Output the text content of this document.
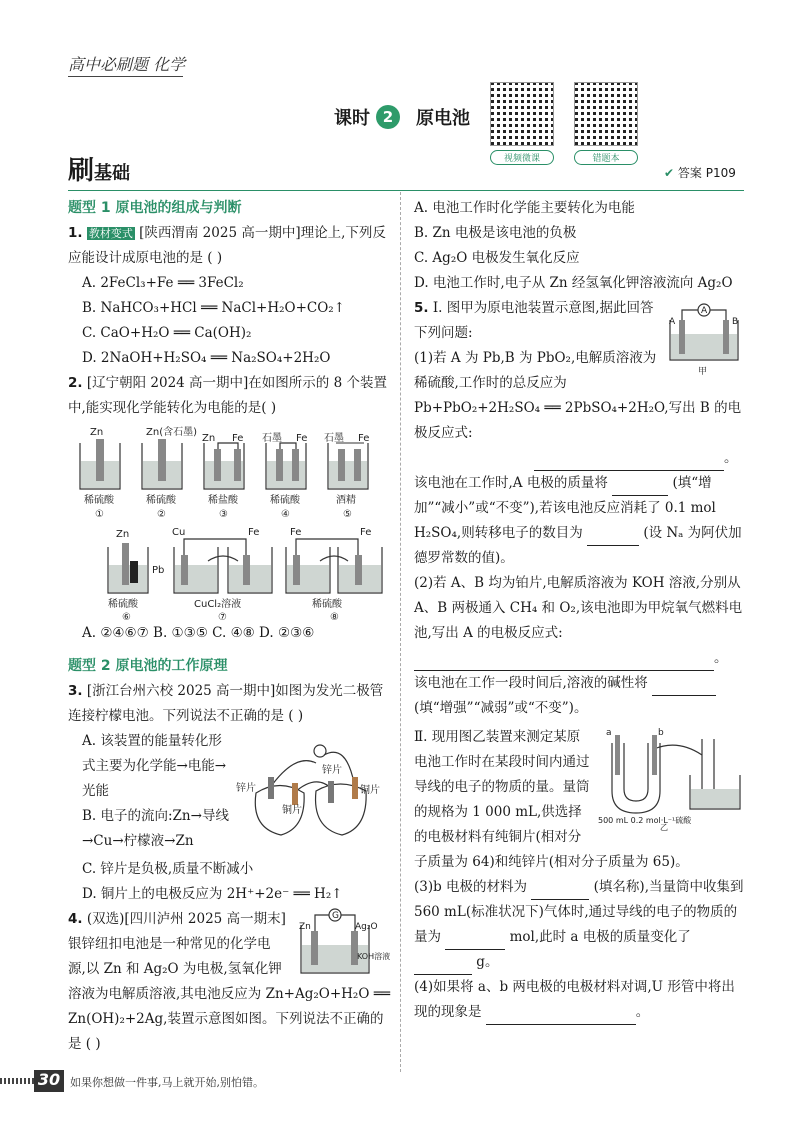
高中必刷题 化学
课时 2	原电池
视频微课	错题本
刷基础	✔ 答案 P109
题型 1 原电池的组成与判断
1. 教材变式 [陕西渭南 2025 高一期中]理论上,下列反应能设计成原电池的是 ( )
A. 2FeCl₃+Fe ══ 3FeCl₂
B. NaHCO₃+HCl ══ NaCl+H₂O+CO₂↑
C. CaO+H₂O ══ Ca(OH)₂
D. 2NaOH+H₂SO₄ ══ Na₂SO₄+2H₂O
2. [辽宁朝阳 2024 高一期中]在如图所示的 8 个装置中,能实现化学能转化为电能的是( )
Zn	Zn(含石墨)
Zn Fe 石墨 Fe 石墨 Fe
稀硫酸	稀硫酸	稀盐酸	稀硫酸	酒精
①	②	③	④	⑤
Zn
Pb
Cu	Fe	Fe	Fe
稀硫酸	CuCl₂溶液	稀硫酸
⑥	⑦	⑧
A. ②④⑥⑦ B. ①③⑤ C. ④⑧ D. ②③⑥
题型 2 原电池的工作原理
3. [浙江台州六校 2025 高一期中]如图为发光二极管连接柠檬电池。下列说法不正确的是 ( )
A. 该装置的能量转化形式主要为化学能→电能→光能
B. 电子的流向:Zn→导线→Cu→柠檬液→Zn
锌片
铜片
锌片
铜片
C. 锌片是负极,质量不断减小
D. 铜片上的电极反应为 2H⁺+2e⁻ ══ H₂↑
G
Zn	Ag₂O
KOH溶液
4. (双选)[四川泸州 2025 高一期末]银锌纽扣电池是一种常见的化学电源,以 Zn 和 Ag₂O 为电极,氢氧化钾溶液为电解质溶液,其电池反应为 Zn+Ag₂O+H₂O ══ Zn(OH)₂+2Ag,装置示意图如图。下列说法不正确的是 ( )
A. 电池工作时化学能主要转化为电能
B. Zn 电极是该电池的负极
C. Ag₂O 电极发生氧化反应
D. 电池工作时,电子从 Zn 经氢氧化钾溶液流向 Ag₂O
A
A	B
甲
5. Ⅰ. 图甲为原电池装置示意图,据此回答下列问题:
(1)若 A 为 Pb,B 为 PbO₂,电解质溶液为稀硫酸,工作时的总反应为 Pb+PbO₂+2H₂SO₄ ══ 2PbSO₄+2H₂O,写出 B 的电极反应式:
。
该电池在工作时,A 电极的质量将	(填“增加”“减小”或“不变”),若该电池反应消耗了 0.1 mol H₂SO₄,则转移电子的数目为	(设 Nₐ 为阿伏加德罗常数的值)。
(2)若 A、B 均为铂片,电解质溶液为 KOH 溶液,分别从 A、B 两极通入 CH₄ 和 O₂,该电池即为甲烷氧气燃料电池,写出 A 的电极反应式:
。
该电池在工作一段时间后,溶液的碱性将  (填“增强”“减弱”或“不变”)。
a	b
500 mL 0.2 mol·L⁻¹硫酸
乙
Ⅱ. 现用图乙装置来测定某原电池工作时在某段时间内通过导线的电子的物质的量。量筒的规格为 1 000 mL,供选择的电极材料有纯铜片(相对分子质量为 64)和纯锌片(相对分子质量为 65)。
(3)b 电极的材料为	(填名称),当量筒中收集到 560 mL(标准状况下)气体时,通过导线的电子的物质的量为	mol,此时 a 电极的质量变化了  g。
(4)如果将 a、b 两电极的电极材料对调,U 形管中将出现的现象是	。
30 如果你想做一件事,马上就开始,别怕错。
